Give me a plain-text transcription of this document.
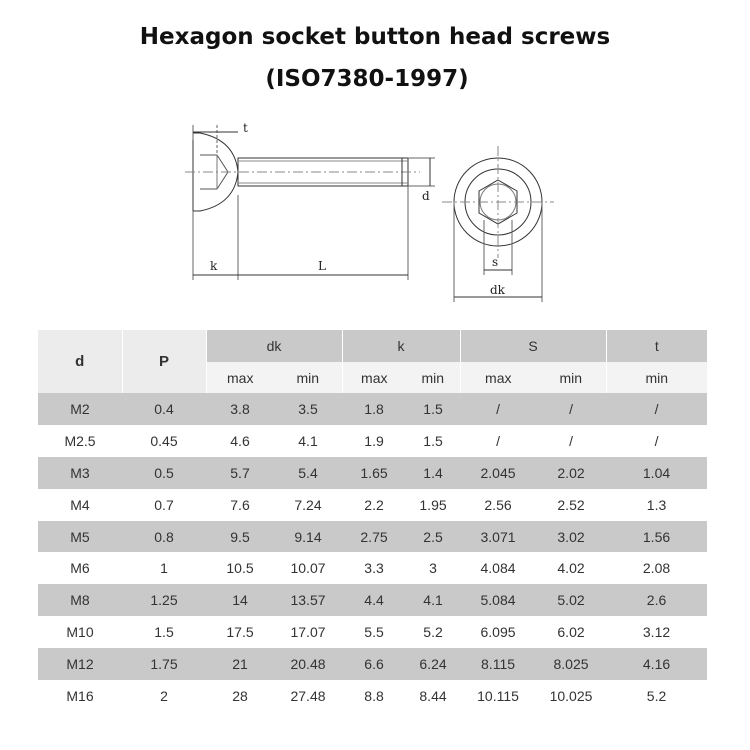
Hexagon socket button head screws
(ISO7380-1997)
t
d
k	L	s
dk
d	P	dk		k		S		t
		max	min	max	min	max	min	min
M2	0.4	3.8	3.5	1.8	1.5	/	/	/
M2.5	0.45	4.6	4.1	1.9	1.5	/	/	/
M3	0.5	5.7	5.4	1.65	1.4	2.045	2.02	1.04
M4	0.7	7.6	7.24	2.2	1.95	2.56	2.52	1.3
M5	0.8	9.5	9.14	2.75	2.5	3.071	3.02	1.56
M6	1	10.5	10.07	3.3	3	4.084	4.02	2.08
M8	1.25	14	13.57	4.4	4.1	5.084	5.02	2.6
M10	1.5	17.5	17.07	5.5	5.2	6.095	6.02	3.12
M12	1.75	21	20.48	6.6	6.24	8.115	8.025	4.16
M16	2	28	27.48	8.8	8.44	10.115	10.025	5.2
